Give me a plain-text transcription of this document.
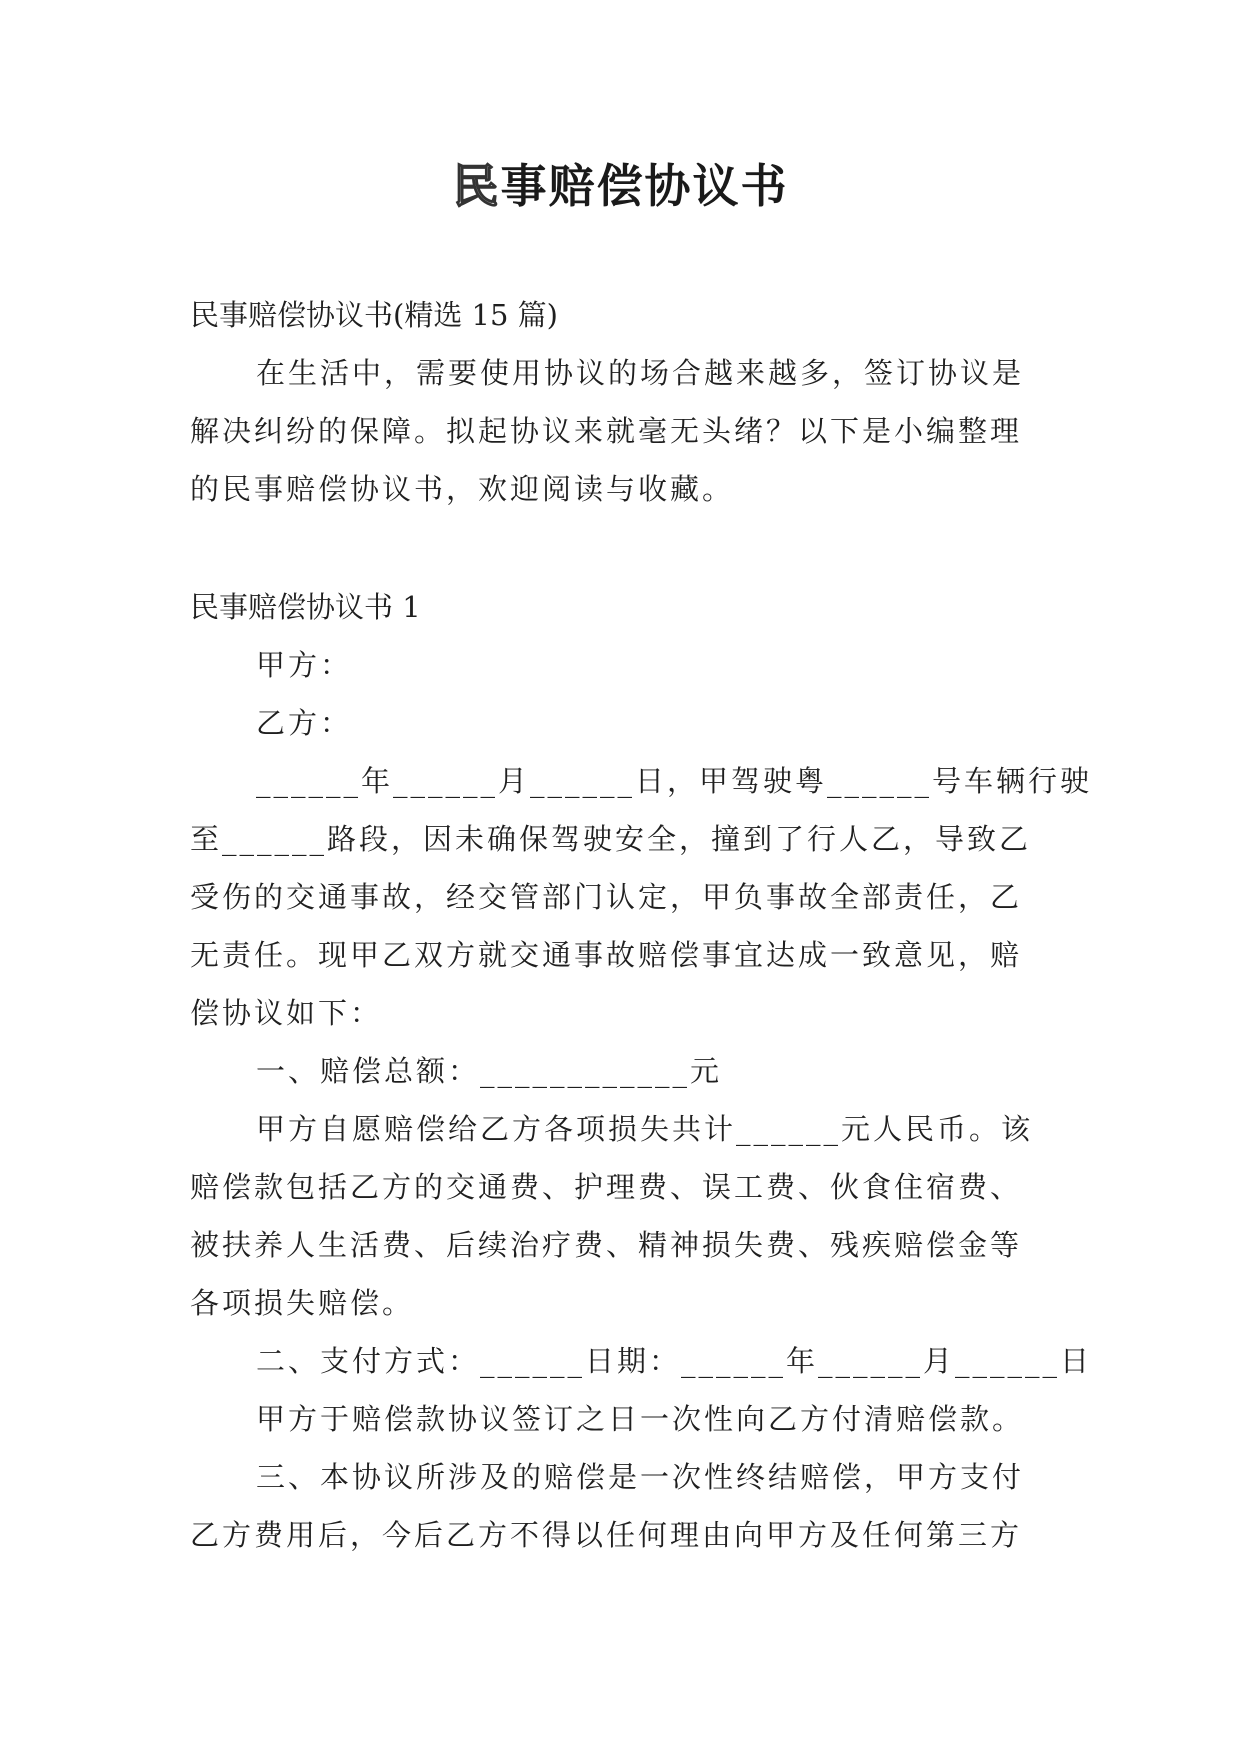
民事赔偿协议书
民事赔偿协议书(精选 15 篇)
在生活中，需要使用协议的场合越来越多，签订协议是
解决纠纷的保障。拟起协议来就毫无头绪？以下是小编整理
的民事赔偿协议书，欢迎阅读与收藏。
民事赔偿协议书 1
甲方：
乙方：
______年______月______日，甲驾驶粤______号车辆行驶
至______路段，因未确保驾驶安全，撞到了行人乙，导致乙
受伤的交通事故，经交管部门认定，甲负事故全部责任，乙
无责任。现甲乙双方就交通事故赔偿事宜达成一致意见，赔
偿协议如下：
一、赔偿总额：____________元
甲方自愿赔偿给乙方各项损失共计______元人民币。该
赔偿款包括乙方的交通费、护理费、误工费、伙食住宿费、
被扶养人生活费、后续治疗费、精神损失费、残疾赔偿金等
各项损失赔偿。
二、支付方式：______日期：______年______月______日
甲方于赔偿款协议签订之日一次性向乙方付清赔偿款。
三、本协议所涉及的赔偿是一次性终结赔偿，甲方支付
乙方费用后，今后乙方不得以任何理由向甲方及任何第三方
